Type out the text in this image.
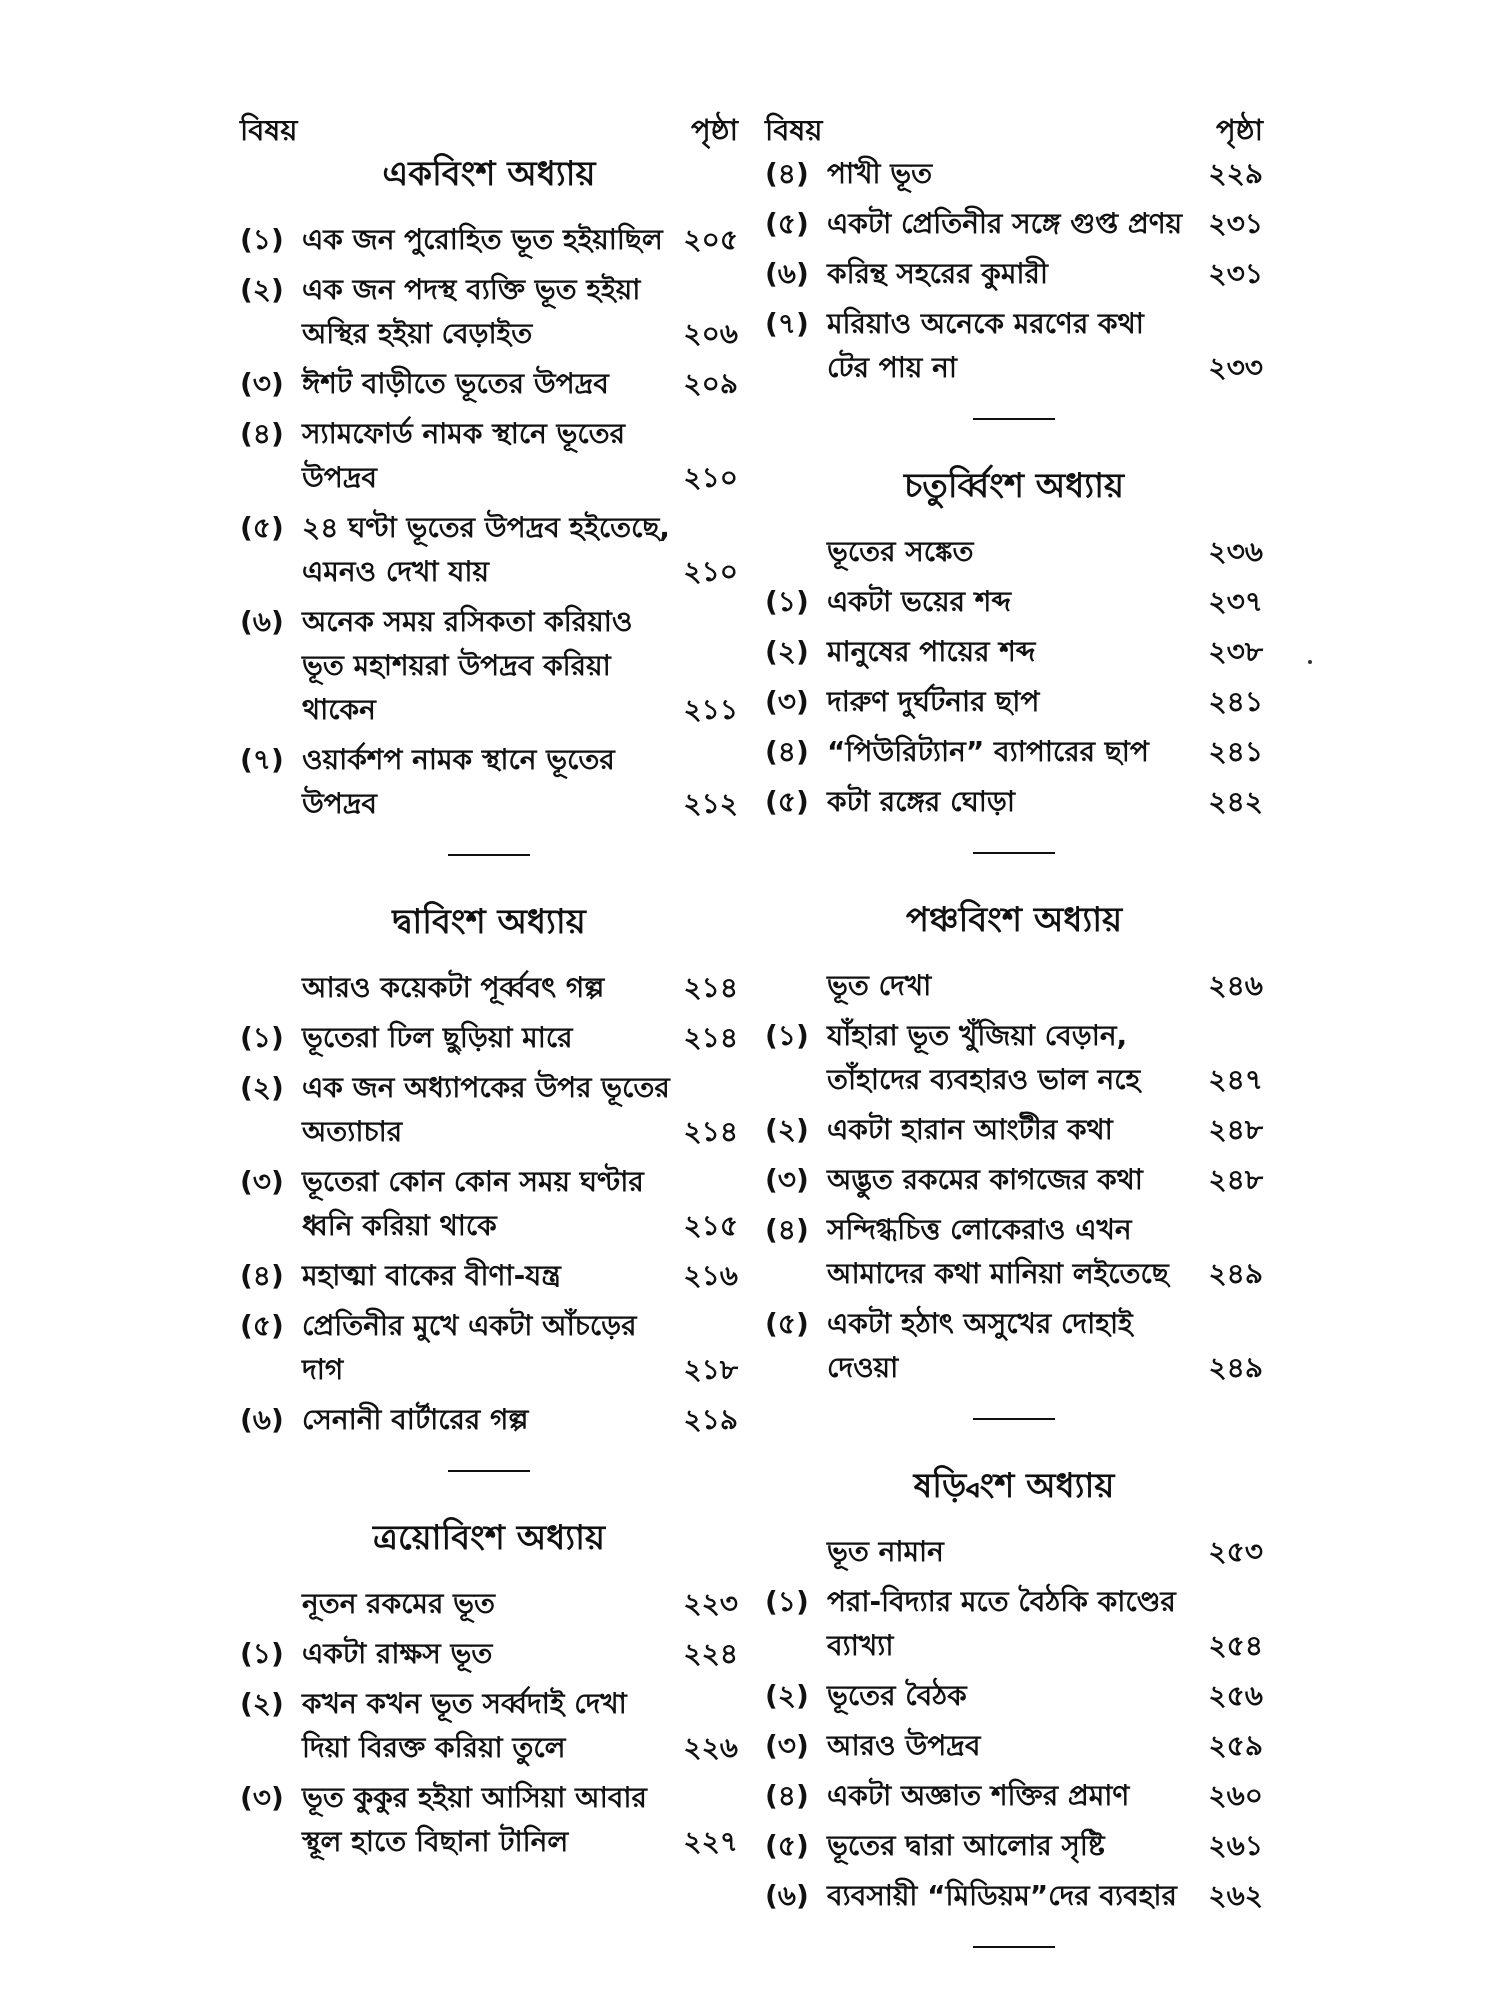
বিষয়	পৃষ্ঠা
একবিংশ অধ্যায়
(১) এক জন পুরোহিত ভূত হইয়াছিল ২০৫
(২) এক জন পদস্থ ব্যক্তি ভূত হইয়া অস্থির হইয়া বেড়াইত	২০৬
(৩) ঈশট বাড়ীতে ভূতের উপদ্রব	২০৯
(৪) স্যামফোর্ড নামক স্থানে ভূতের উপদ্রব	২১০
(৫) ২৪ ঘণ্টা ভূতের উপদ্রব হইতেছে, এমনও দেখা যায়	২১০
(৬) অনেক সময় রসিকতা করিয়াও ভূত মহাশয়রা উপদ্রব করিয়া থাকেন	২১১
(৭) ওয়ার্কশপ নামক স্থানে ভূতের উপদ্রব	২১২
দ্বাবিংশ অধ্যায়
আরও কয়েকটা পূর্ব্ববৎ গল্প	২১৪
(১) ভূতেরা ঢিল ছুড়িয়া মারে	২১৪
(২) এক জন অধ্যাপকের উপর ভূতের অত্যাচার	২১৪
(৩) ভূতেরা কোন কোন সময় ঘণ্টার ধ্বনি করিয়া থাকে	২১৫
(৪) মহাত্মা বাকের বীণা-যন্ত্র	২১৬
(৫) প্রেতিনীর মুখে একটা আঁচড়ের দাগ	২১৮
(৬) সেনানী বার্টারের গল্প	২১৯
ত্রয়োবিংশ অধ্যায়
নূতন রকমের ভূত	২২৩
(১) একটা রাক্ষস ভূত	২২৪
(২) কখন কখন ভূত সর্ব্বদাই দেখা দিয়া বিরক্ত করিয়া তুলে	২২৬
(৩) ভূত কুকুর হইয়া আসিয়া আবার স্থূল হাতে বিছানা টানিল	২২৭
বিষয়	পৃষ্ঠা
(৪) পাখী ভূত	২২৯
(৫) একটা প্রেতিনীর সঙ্গে গুপ্ত প্রণয় ২৩১
(৬) করিন্থ সহরের কুমারী	২৩১
(৭) মরিয়াও অনেকে মরণের কথা টের পায় না	২৩৩
চতুর্ব্বিংশ অধ্যায়
ভূতের সঙ্কেত	২৩৬
(১) একটা ভয়ের শব্দ	২৩৭
(২) মানুষের পায়ের শব্দ	২৩৮
(৩) দারুণ দুর্ঘটনার ছাপ	২৪১
(৪) “পিউরিট্যান” ব্যাপারের ছাপ	২৪১
(৫) কটা রঙ্গের ঘোড়া	২৪২
পঞ্চবিংশ অধ্যায়
ভূত দেখা	২৪৬
(১) যাঁহারা ভূত খুঁজিয়া বেড়ান, তাঁহাদের ব্যবহারও ভাল নহে	২৪৭
(২) একটা হারান আংটীর কথা	২৪৮
(৩) অদ্ভুত রকমের কাগজের কথা	২৪৮
(৪) সন্দিগ্ধচিত্ত লোকেরাও এখন আমাদের কথা মানিয়া লইতেছে	২৪৯
(৫) একটা হঠাৎ অসুখের দোহাই দেওয়া	২৪৯
ষড়্বিংশ অধ্যায়
ভূত নামান	২৫৩
(১) পরা-বিদ্যার মতে বৈঠকি কাণ্ডের ব্যাখ্যা	২৫৪
(২) ভূতের বৈঠক	২৫৬
(৩) আরও উপদ্রব	২৫৯
(৪) একটা অজ্ঞাত শক্তির প্রমাণ	২৬০
(৫) ভূতের দ্বারা আলোর সৃষ্টি	২৬১
(৬) ব্যবসায়ী “মিডিয়ম”দের ব্যবহার	২৬২
